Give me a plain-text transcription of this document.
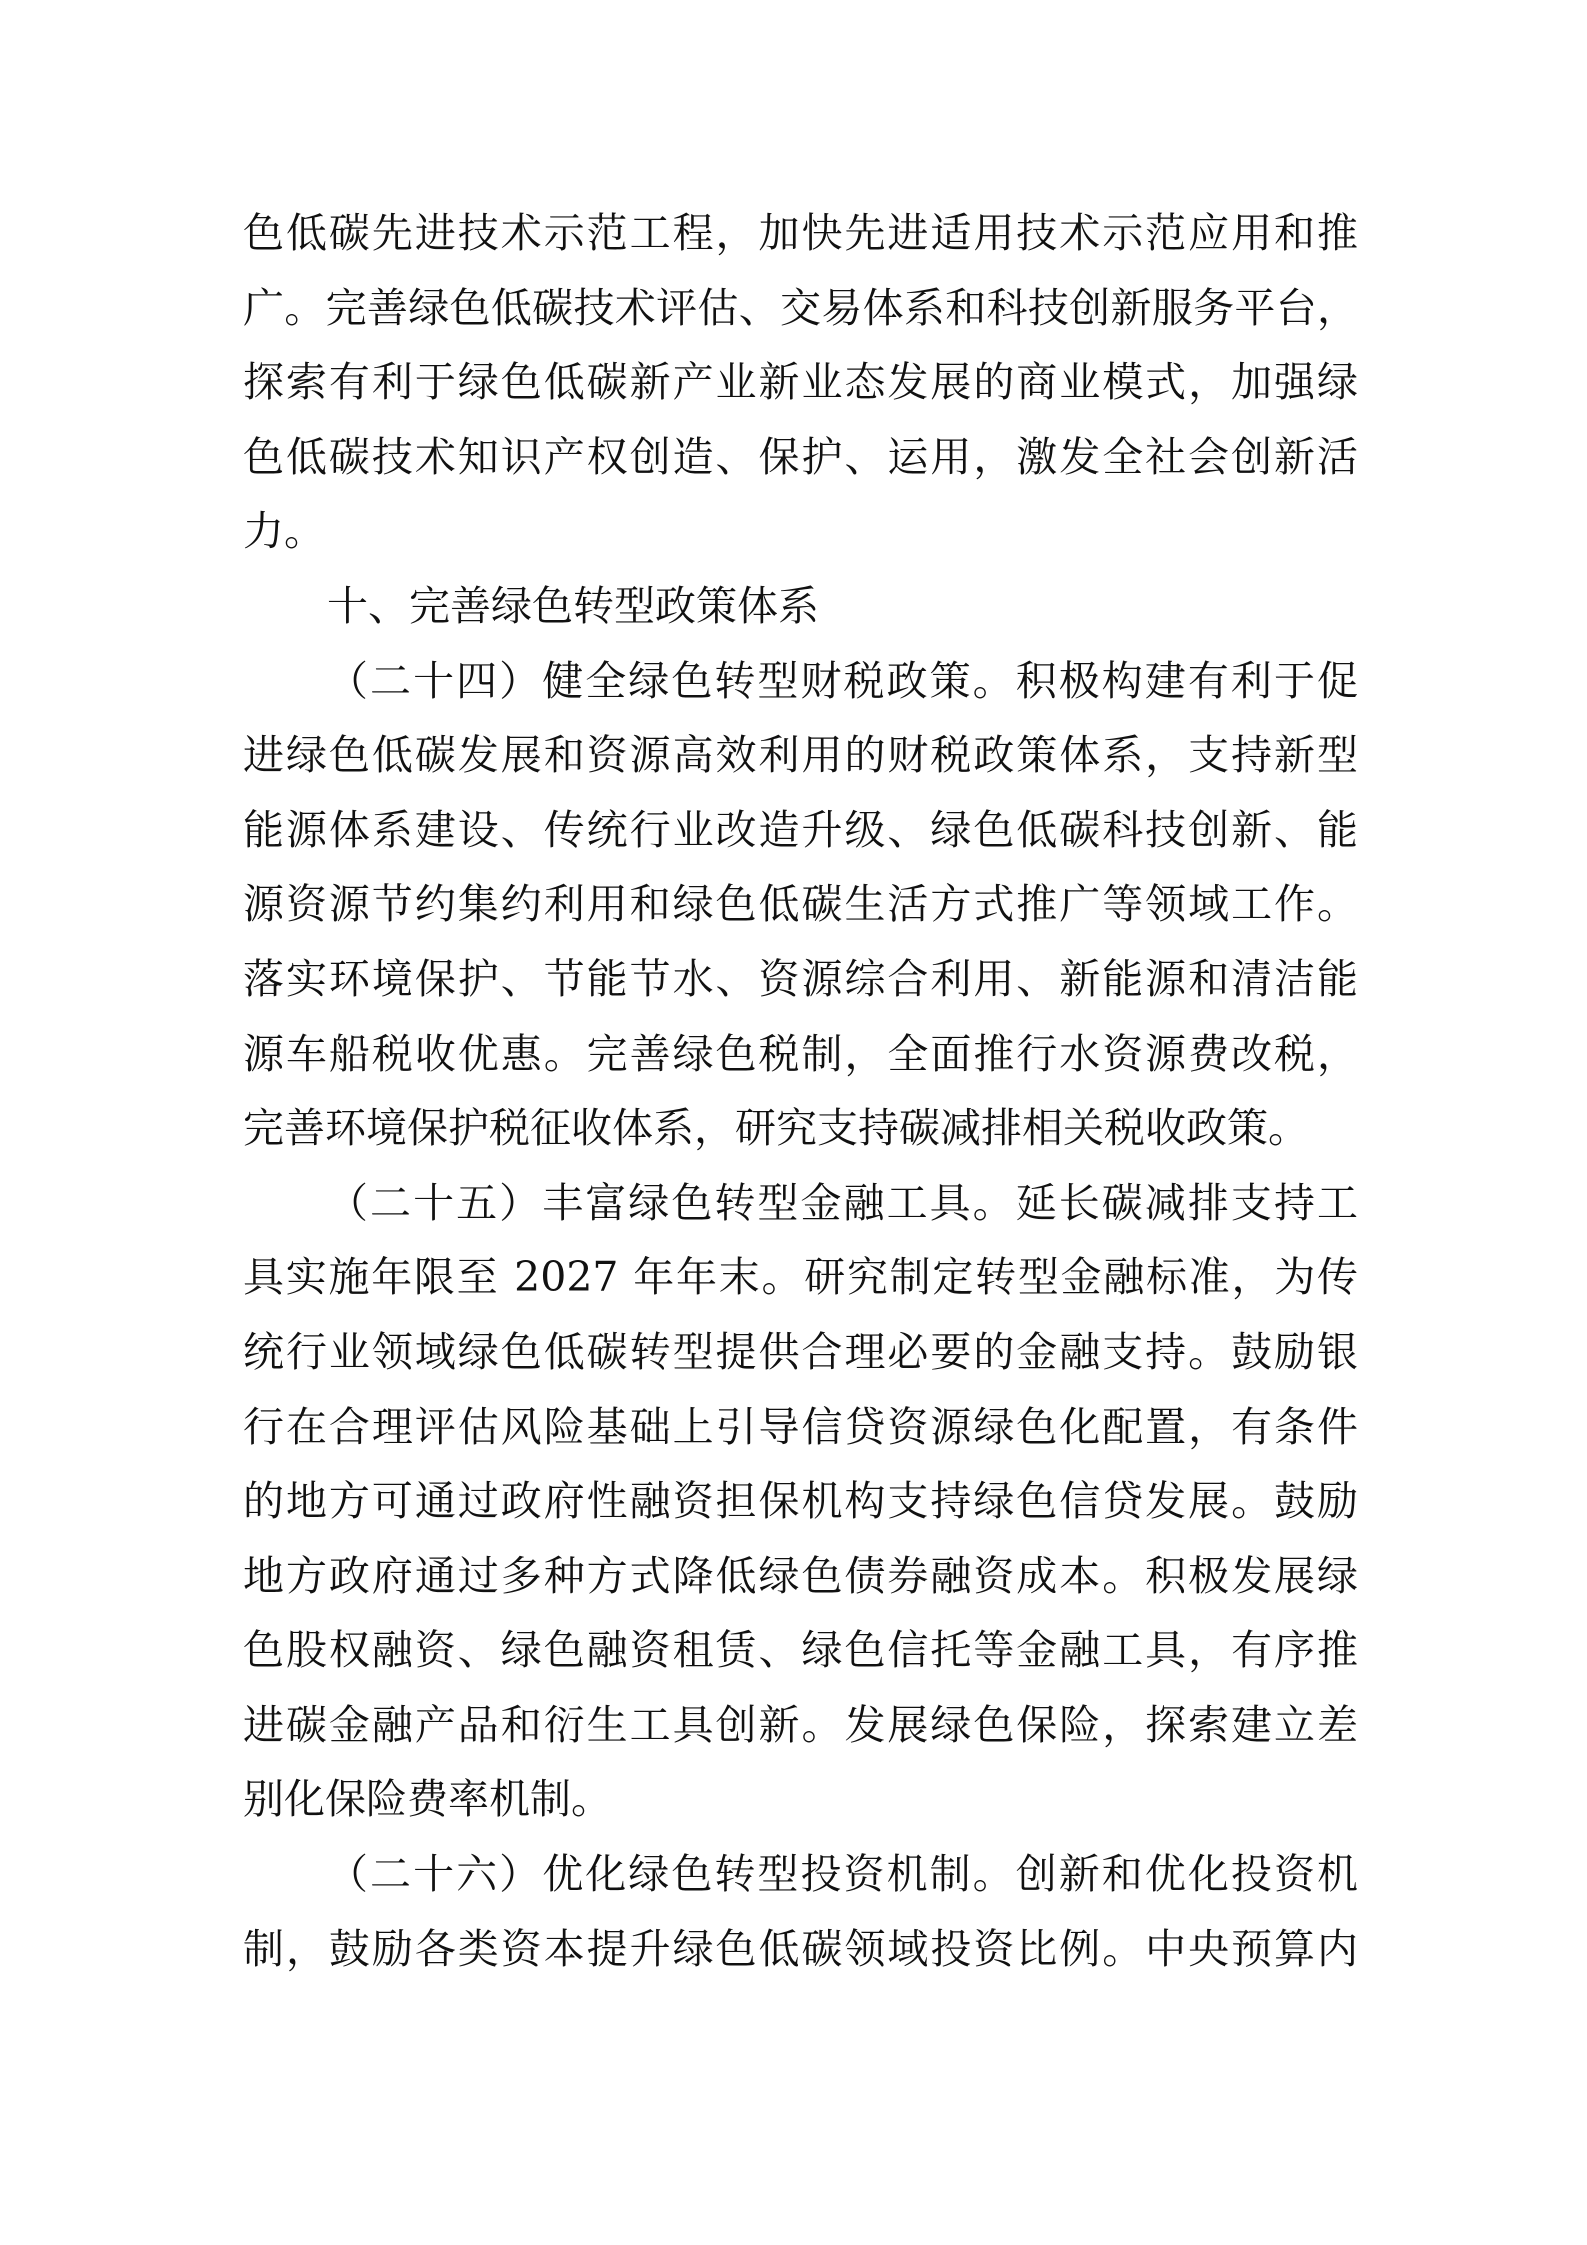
色低碳先进技术示范工程，加快先进适用技术示范应用和推
广。完善绿色低碳技术评估、交易体系和科技创新服务平台，
探索有利于绿色低碳新产业新业态发展的商业模式，加强绿
色低碳技术知识产权创造、保护、运用，激发全社会创新活
力。
十、完善绿色转型政策体系
（二十四）健全绿色转型财税政策。积极构建有利于促
进绿色低碳发展和资源高效利用的财税政策体系，支持新型
能源体系建设、传统行业改造升级、绿色低碳科技创新、能
源资源节约集约利用和绿色低碳生活方式推广等领域工作。
落实环境保护、节能节水、资源综合利用、新能源和清洁能
源车船税收优惠。完善绿色税制，全面推行水资源费改税，
完善环境保护税征收体系，研究支持碳减排相关税收政策。
（二十五）丰富绿色转型金融工具。延长碳减排支持工
具实施年限至 2027 年年末。研究制定转型金融标准，为传
统行业领域绿色低碳转型提供合理必要的金融支持。鼓励银
行在合理评估风险基础上引导信贷资源绿色化配置，有条件
的地方可通过政府性融资担保机构支持绿色信贷发展。鼓励
地方政府通过多种方式降低绿色债券融资成本。积极发展绿
色股权融资、绿色融资租赁、绿色信托等金融工具，有序推
进碳金融产品和衍生工具创新。发展绿色保险，探索建立差
别化保险费率机制。
（二十六）优化绿色转型投资机制。创新和优化投资机
制，鼓励各类资本提升绿色低碳领域投资比例。中央预算内
